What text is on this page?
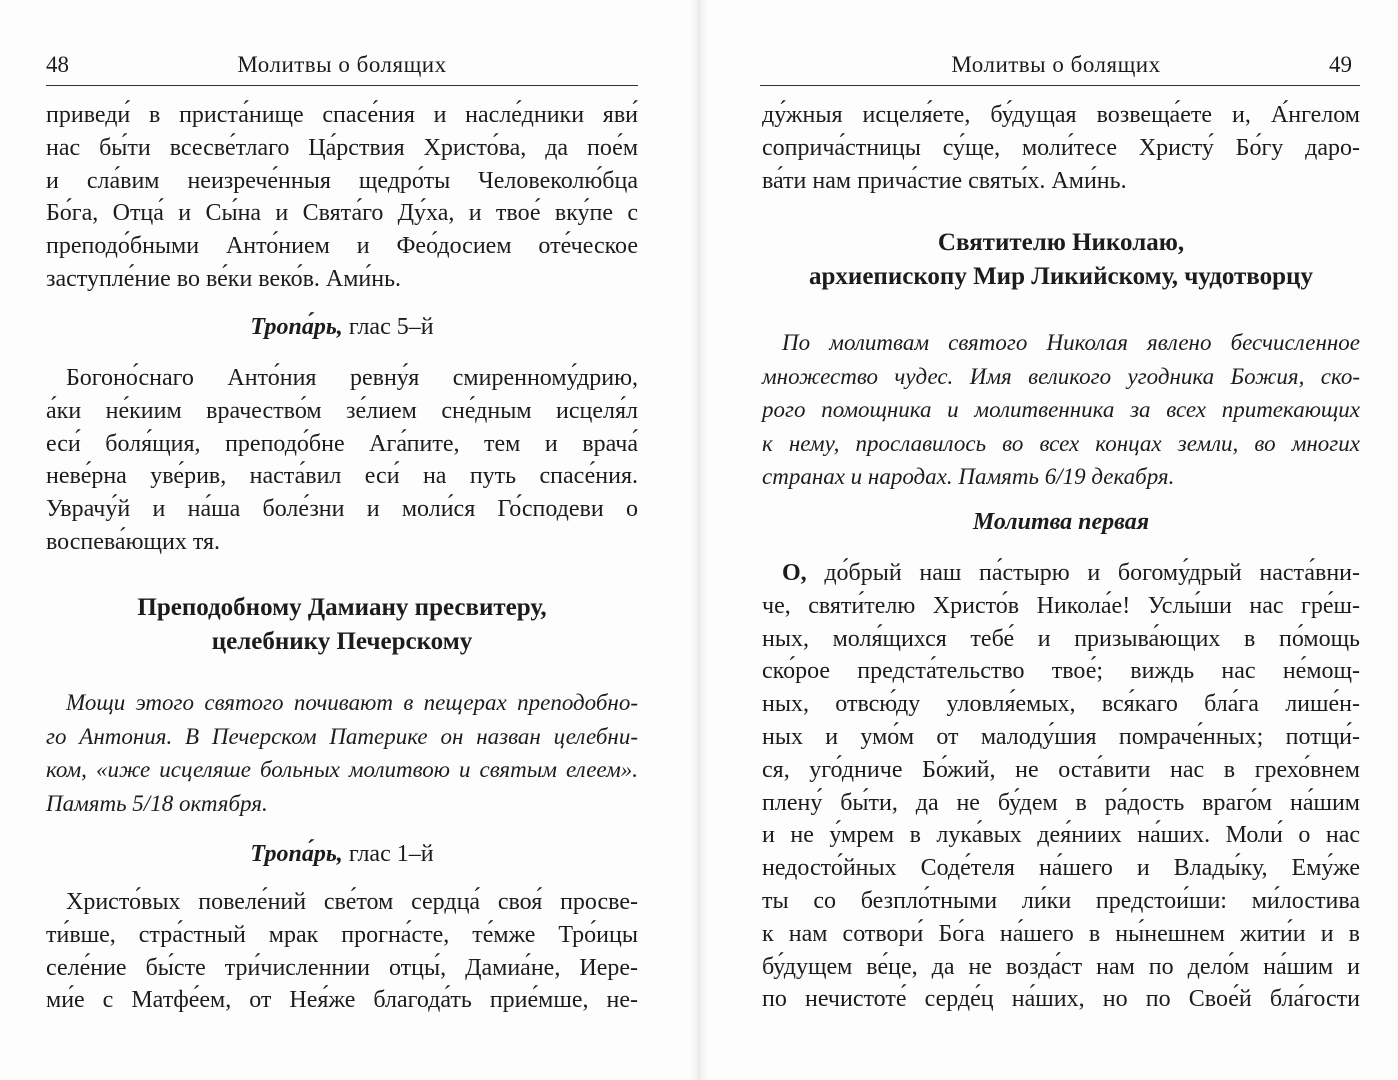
48	Молитвы о болящих
приведи́ в приста́нище спасе́ния и насле́дники яви́
нас бы́ти всесве́тлаго Ца́рствия Христо́ва, да пое́м
и сла́вим неизрече́нныя щедро́ты Человеколю́бца
Бо́га, Отца́ и Сы́на и Свята́го Ду́ха, и твое́ вку́пе с
преподо́бными Анто́нием и Фео́досием оте́ческое
заступле́ние во ве́ки веко́в. Ами́нь.
Тропа́рь, глас 5–й
Богоно́снаго Анто́ния ревну́я смиренному́дрию,
а́ки не́киим врачество́м зе́лием сне́дным исцеля́л
еси́ боля́щия, преподо́бне Ага́пите, тем и врача́
неве́рна уве́рив, наста́вил еси́ на путь спасе́ния.
Уврачу́й и на́ша боле́зни и моли́ся Го́сподеви о
воспева́ющих тя.
Преподобному Дамиану пресвитеру,
целебнику Печерскому
Мощи этого святого почивают в пещерах преподобно-
го Антония. В Печерском Патерике он назван целебни-
ком, «иже исцеляше больных молитвою и святым елеем».
Память 5/18 октября.
Тропа́рь, глас 1–й
Христо́вых повеле́ний све́том сердца́ своя́ просве-
ти́вше, стра́стный мрак прогна́сте, те́мже Тро́ицы
селе́ние бы́сте три́численнии отцы́, Дамиа́не, Иере-
ми́е с Матфе́ем, от Нея́же благода́ть прие́мше, не-
Молитвы о болящих	49
ду́жныя исцеля́ете, бу́дущая возвеща́ете и, А́нгелом
соприча́стницы су́ще, моли́тесе Христу́ Бо́гу даро-
ва́ти нам прича́стие святы́х. Ами́нь.
Святителю Николаю,
архиепископу Мир Ликийскому, чудотворцу
По молитвам святого Николая явлено бесчисленное
множество чудес. Имя великого угодника Божия, ско-
рого помощника и молитвенника за всех притекающих
к нему, прославилось во всех концах земли, во многих
странах и народах. Память 6/19 декабря.
Молитва первая
О, до́брый наш па́стырю и богому́дрый наста́вни-
че, святи́телю Христо́в Никола́е! Услы́ши нас гре́ш-
ных, моля́щихся тебе́ и призыва́ющих в по́мощь
ско́рое предста́тельство твое́; виждь нас не́мощ-
ных, отвсю́ду уловля́емых, вся́каго бла́га лише́н-
ных и умо́м от малоду́шия помраче́нных; потщи́-
ся, уго́дниче Бо́жий, не оста́вити нас в грехо́внем
плену́ бы́ти, да не бу́дем в ра́дость враго́м на́шим
и не у́мрем в лука́вых дея́ниих на́ших. Моли́ о нас
недосто́йных Соде́теля на́шего и Влады́ку, Ему́же
ты со безпло́тными ли́ки предстои́ши: ми́лостива
к нам сотвори́ Бо́га на́шего в ны́нешнем жити́и и в
бу́дущем ве́це, да не возда́ст нам по дело́м на́шим и
по нечистоте́ серде́ц на́ших, но по Свое́й бла́гости
